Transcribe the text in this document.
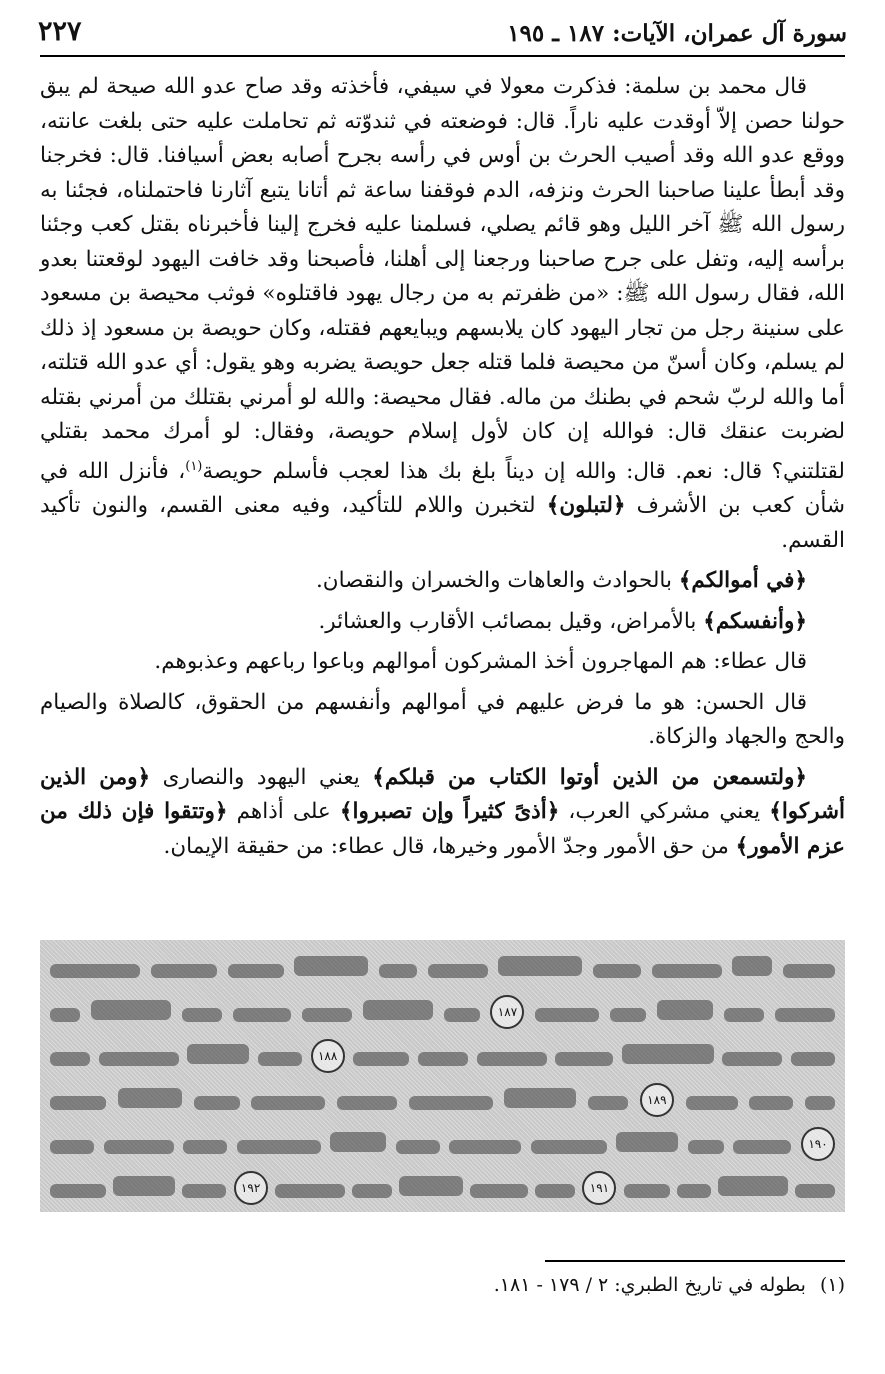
سورة آل عمران، الآيات: ١٨٧ ـ ١٩٥
٢٢٧

قال محمد بن سلمة: فذكرت معولا في سيفي، فأخذته وقد صاح عدو الله صيحة لم يبق حولنا حصن إلاّ أوقدت عليه ناراً. قال: فوضعته في ثندوّته ثم تحاملت عليه حتى بلغت عانته، ووقع عدو الله وقد أصيب الحرث بن أوس في رأسه بجرح أصابه بعض أسيافنا. قال: فخرجنا وقد أبطأ علينا صاحبنا الحرث ونزفه، الدم فوقفنا ساعة ثم أتانا يتبع آثارنا فاحتملناه، فجئنا به رسول الله ﷺ آخر الليل وهو قائم يصلي، فسلمنا عليه فخرج إلينا فأخبرناه بقتل كعب وجئنا برأسه إليه، وتفل على جرح صاحبنا ورجعنا إلى أهلنا، فأصبحنا وقد خافت اليهود لوقعتنا بعدو الله، فقال رسول الله ﷺ: «من ظفرتم به من رجال يهود فاقتلوه» فوثب محيصة بن مسعود على سنينة رجل من تجار اليهود كان يلابسهم ويبايعهم فقتله، وكان حويصة بن مسعود إذ ذلك لم يسلم، وكان أسنّ من محيصة فلما قتله جعل حويصة يضربه وهو يقول: أي عدو الله قتلته، أما والله لربّ شحم في بطنك من ماله. فقال محيصة: والله لو أمرني بقتلك من أمرني بقتله لضربت عنقك قال: فوالله إن كان لأول إسلام حويصة، وفقال: لو أمرك محمد بقتلي لقتلتني؟ قال: نعم. قال: والله إن ديناً بلغ بك هذا لعجب فأسلم حويصة$^{(١)}$، فأنزل الله في شأن كعب بن الأشرف ﴿لتبلون﴾ لتخبرن واللام للتأكيد، وفيه معنى القسم، والنون تأكيد القسم.

﴿في أموالكم﴾ بالحوادث والعاهات والخسران والنقصان.

﴿وأنفسكم﴾ بالأمراض، وقيل بمصائب الأقارب والعشائر.

قال عطاء: هم المهاجرون أخذ المشركون أموالهم وباعوا رباعهم وعذبوهم.

قال الحسن: هو ما فرض عليهم في أموالهم وأنفسهم من الحقوق، كالصلاة والصيام والحج والجهاد والزكاة.

﴿ولتسمعن من الذين أوتوا الكتاب من قبلكم﴾ يعني اليهود والنصارى ﴿ومن الذين أشركوا﴾ يعني مشركي العرب، ﴿أذىً كثيراً وإن تصبروا﴾ على أذاهم ﴿وتتقوا فإن ذلك من عزم الأمور﴾ من حق الأمور وجدّ الأمور وخيرها، قال عطاء: من حقيقة الإيمان.

١٨٧
١٨٨
١٨٩
١٩٠
١٩١
١٩٢
(١)بطوله في تاريخ الطبري: ٢ / ١٧٩ - ١٨١.
